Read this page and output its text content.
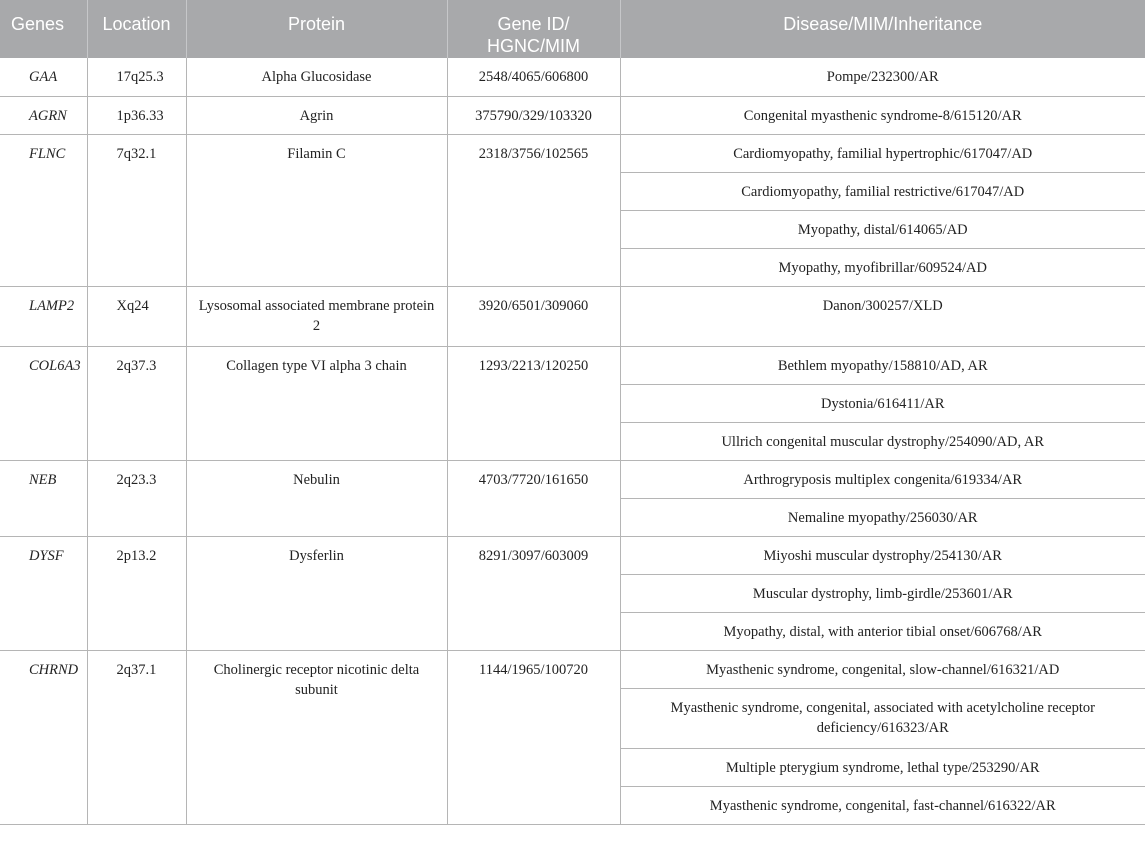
Genes	Location	Protein	Gene ID/ HGNC/MIM	Disease/MIM/Inheritance
GAA	17q25.3	Alpha Glucosidase	2548/4065/606800	Pompe/232300/AR
AGRN	1p36.33	Agrin	375790/329/103320	Congenital myasthenic syndrome-8/615120/AR
FLNC	7q32.1	Filamin C	2318/3756/102565	Cardiomyopathy, familial hypertrophic/617047/AD
				Cardiomyopathy, familial restrictive/617047/AD
				Myopathy, distal/614065/AD
				Myopathy, myofibrillar/609524/AD
LAMP2	Xq24	Lysosomal associated membrane protein 2	3920/6501/309060	Danon/300257/XLD
COL6A3	2q37.3	Collagen type VI alpha 3 chain	1293/2213/120250	Bethlem myopathy/158810/AD, AR
				Dystonia/616411/AR
				Ullrich congenital muscular dystrophy/254090/AD, AR
NEB	2q23.3	Nebulin	4703/7720/161650	Arthrogryposis multiplex congenita/619334/AR
				Nemaline myopathy/256030/AR
DYSF	2p13.2	Dysferlin	8291/3097/603009	Miyoshi muscular dystrophy/254130/AR
				Muscular dystrophy, limb-girdle/253601/AR
				Myopathy, distal, with anterior tibial onset/606768/AR
CHRND	2q37.1	Cholinergic receptor nicotinic delta subunit	1144/1965/100720	Myasthenic syndrome, congenital, slow-channel/616321/AD
				Myasthenic syndrome, congenital, associated with acetylcholine receptor deficiency/616323/AR
				Multiple pterygium syndrome, lethal type/253290/AR
				Myasthenic syndrome, congenital, fast-channel/616322/AR
